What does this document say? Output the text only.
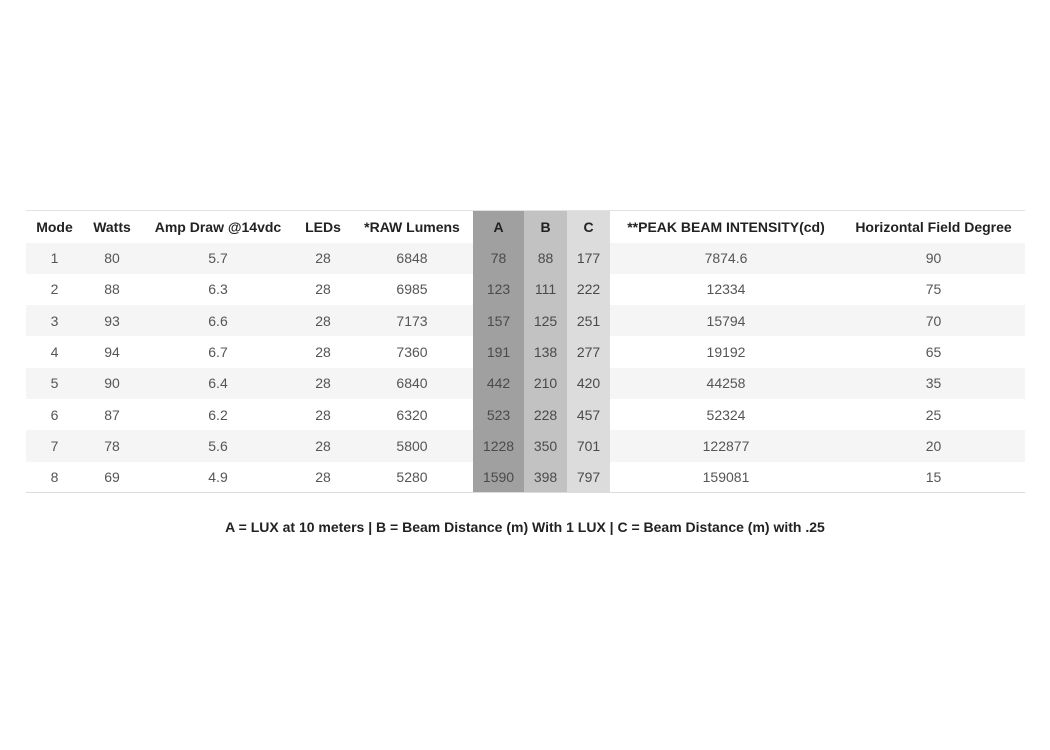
Mode	Watts	Amp Draw @14vdc	LEDs	*RAW Lumens	A	B	C	**PEAK BEAM INTENSITY(cd)	Horizontal Field Degree
1	80	5.7	28	6848	78	88	177	7874.6	90
2	88	6.3	28	6985	123	111	222	12334	75
3	93	6.6	28	7173	157	125	251	15794	70
4	94	6.7	28	7360	191	138	277	19192	65
5	90	6.4	28	6840	442	210	420	44258	35
6	87	6.2	28	6320	523	228	457	52324	25
7	78	5.6	28	5800	1228	350	701	122877	20
8	69	4.9	28	5280	1590	398	797	159081	15
A = LUX at 10 meters | B = Beam Distance (m) With 1 LUX | C = Beam Distance (m) with .25
